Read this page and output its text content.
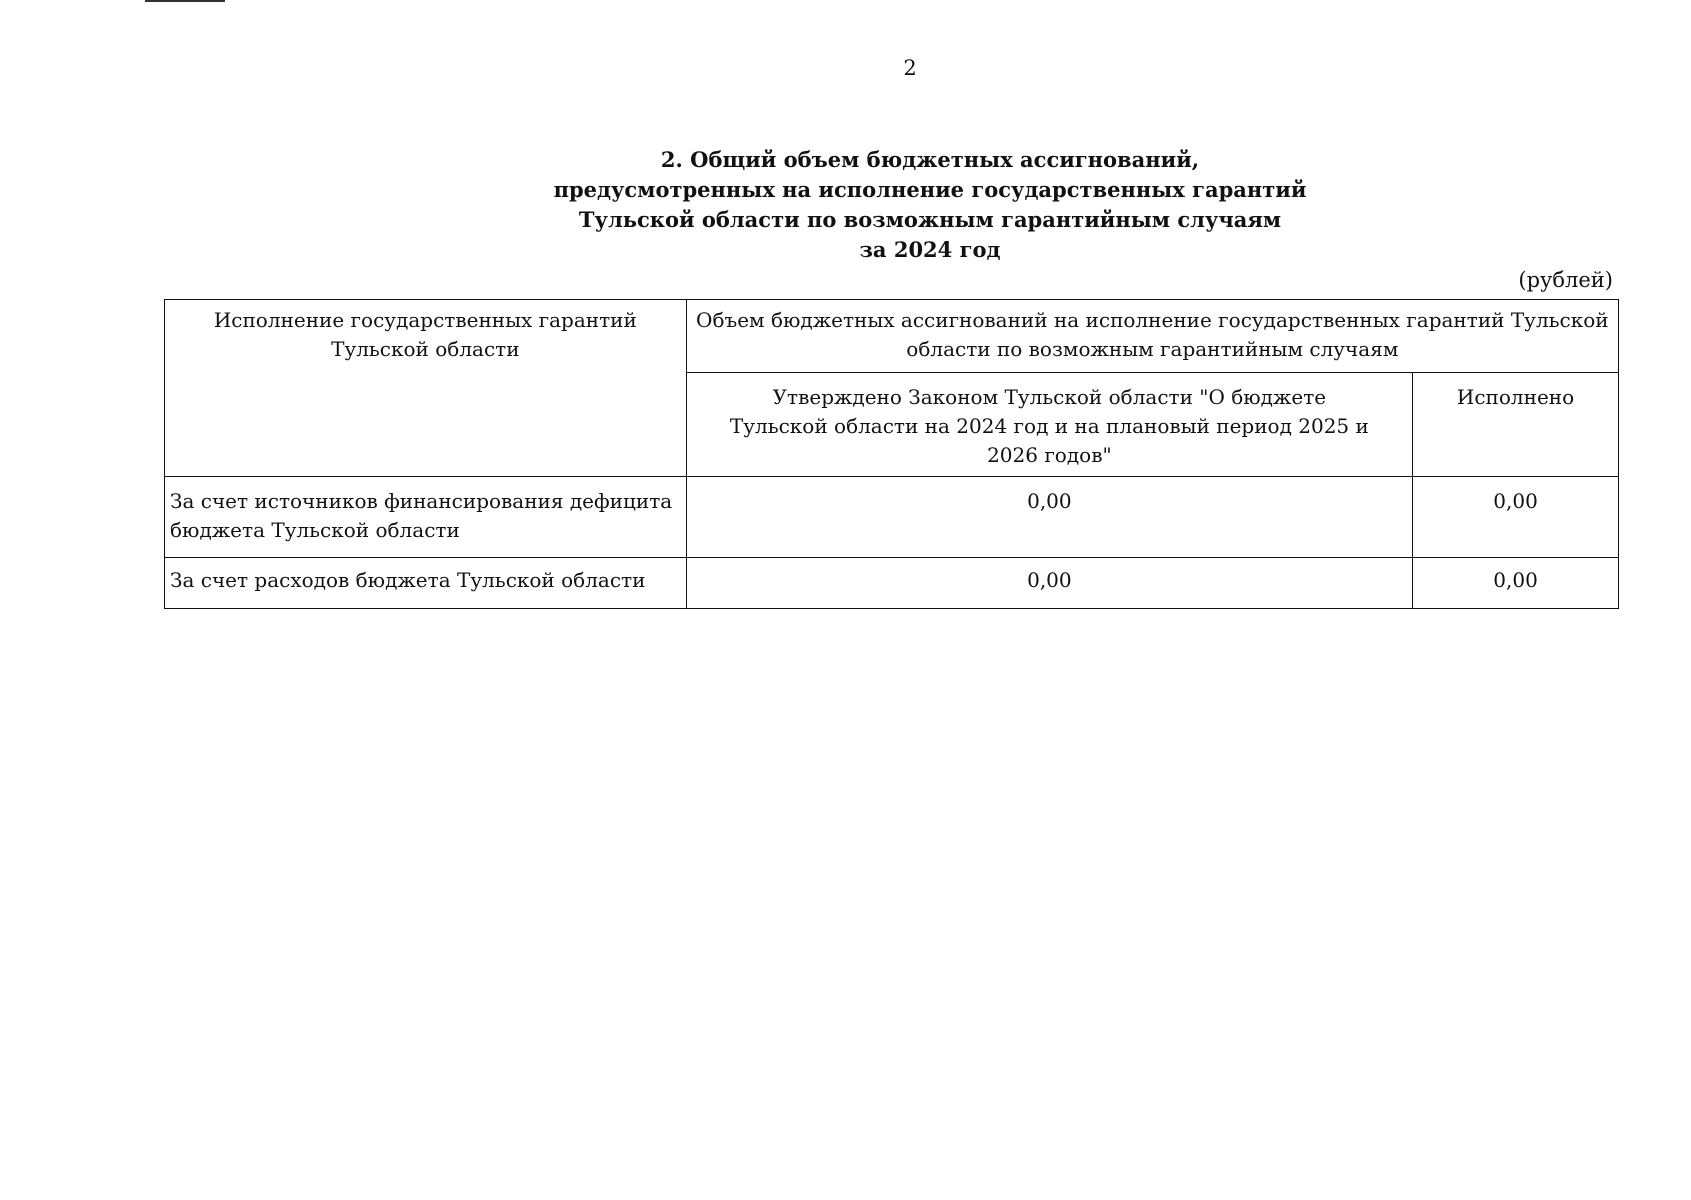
2
2. Общий объем бюджетных ассигнований,
предусмотренных на исполнение государственных гарантий
Тульской области по возможным гарантийным случаям
за 2024 год
(рублей)
Исполнение государственных гарантий Тульской области	Объем бюджетных ассигнований на исполнение государственных гарантий Тульской области по возможным гарантийным случаям	
	Утверждено Законом Тульской области "О бюджете Тульской области на 2024 год и на плановый период 2025 и 2026 годов"	Исполнено
За счет источников финансирования дефицита бюджета Тульской области	0,00	0,00
За счет расходов бюджета Тульской области	0,00	0,00
